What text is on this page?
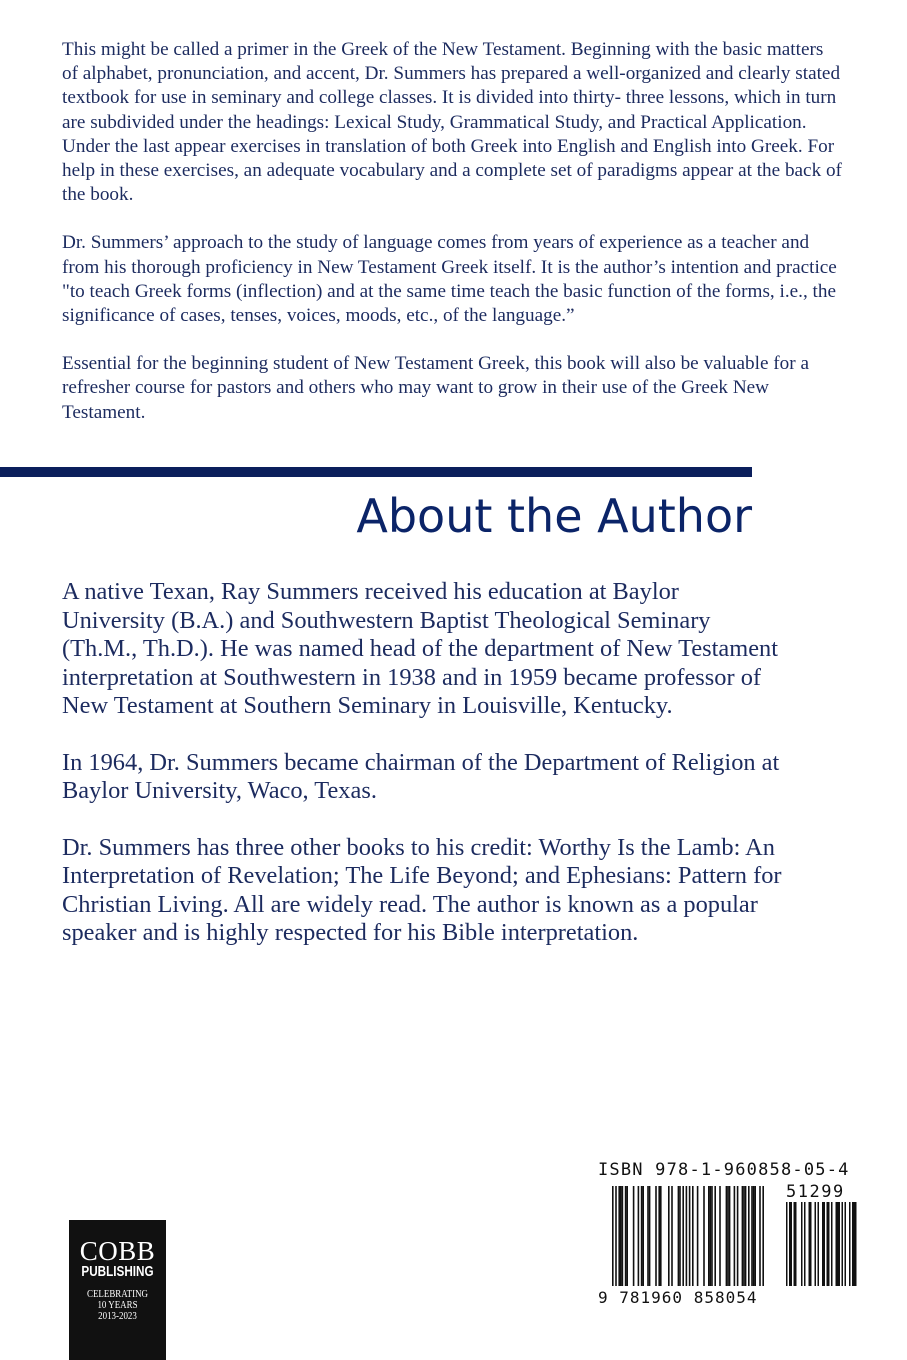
This might be called a primer in the Greek of the New Testament. Beginning with the basic matters of alphabet, pronunciation, and accent, Dr. Summers has prepared a well-organized and clearly stated textbook for use in seminary and college classes. It is divided into thirty- three lessons, which in turn are subdivided under the headings: Lexical Study, Grammatical Study, and Practical Application. Under the last appear exercises in translation of both Greek into English and English into Greek. For help in these exercises, an adequate vocabulary and a complete set of paradigms appear at the back of the book.

Dr. Summers’ approach to the study of language comes from years of experience as a teacher and from his thorough proficiency in New Testament Greek itself. It is the author’s intention and practice "to teach Greek forms (inflection) and at the same time teach the basic function of the forms, i.e., the significance of cases, tenses, voices, moods, etc., of the language.”

Essential for the beginning student of New Testament Greek, this book will also be valuable for a refresher course for pastors and others who may want to grow in their use of the Greek New Testament.

About the Author

A native Texan, Ray Summers received his education at Baylor University (B.A.) and Southwestern Baptist Theological Seminary (Th.M., Th.D.). He was named head of the department of New Testament interpretation at Southwestern in 1938 and in 1959 became professor of New Testament at Southern Seminary in Louisville, Kentucky.

In 1964, Dr. Summers became chairman of the Department of Religion at Baylor University, Waco, Texas.

Dr. Summers has three other books to his credit: Worthy Is the Lamb: An Interpretation of Revelation; The Life Beyond; and Ephesians: Pattern for Christian Living. All are widely read. The author is known as a popular speaker and is highly respected for his Bible interpretation.

COBB
PUBLISHING
CELEBRATING
10 YEARS
2013-2023
ISBN 978-1-960858-05-4
51299
9 781960 858054
